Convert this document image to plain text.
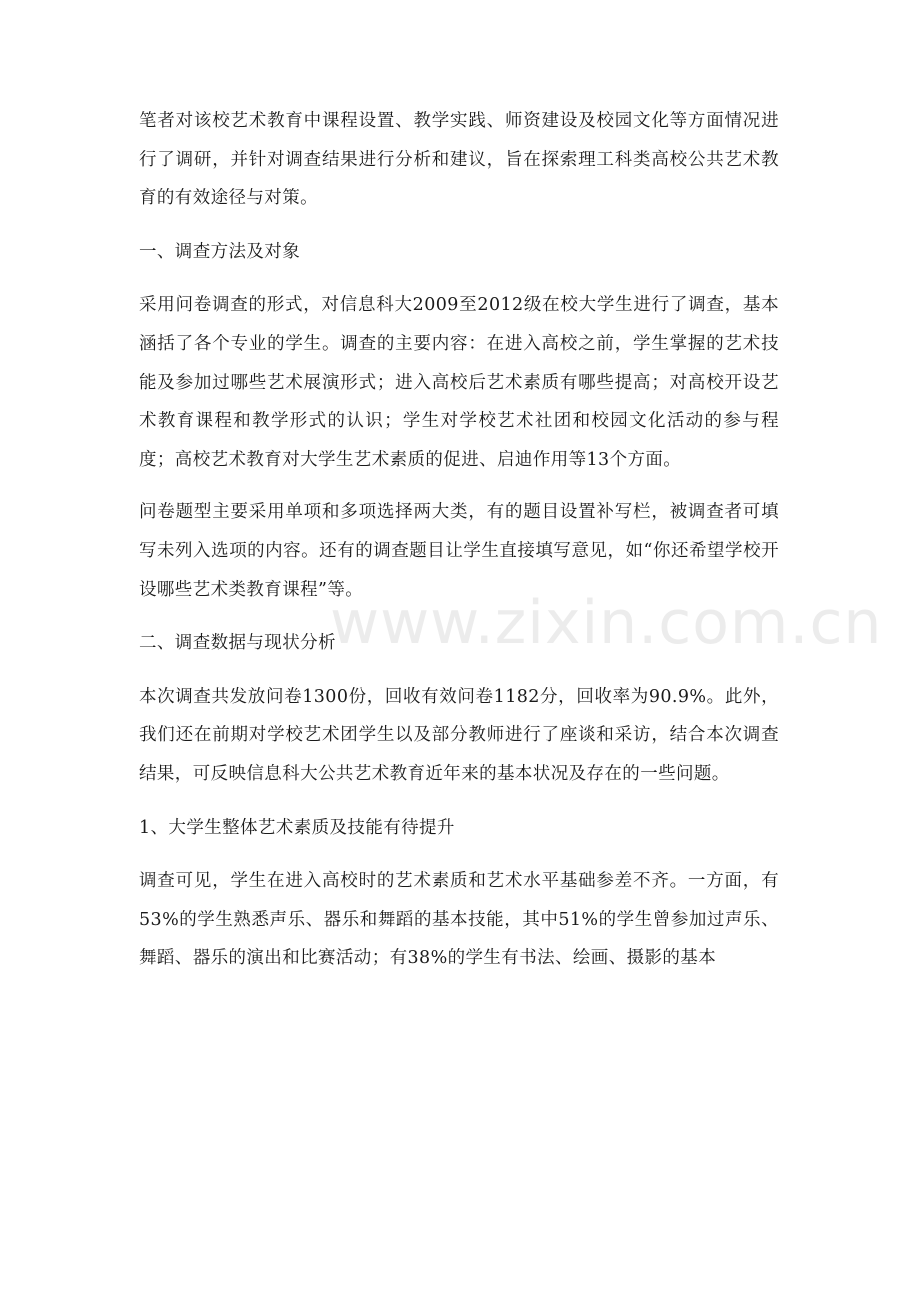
www.zixin.com.cn

笔者对该校艺术教育中课程设置、教学实践、师资建设及校园文化等方面情况进行了调研，并针对调查结果进行分析和建议，旨在探索理工科类高校公共艺术教育的有效途径与对策。

一、调查方法及对象

采用问卷调查的形式，对信息科大2009至2012级在校大学生进行了调查，基本涵括了各个专业的学生。调查的主要内容：在进入高校之前，学生掌握的艺术技能及参加过哪些艺术展演形式；进入高校后艺术素质有哪些提高；对高校开设艺术教育课程和教学形式的认识；学生对学校艺术社团和校园文化活动的参与程度；高校艺术教育对大学生艺术素质的促进、启迪作用等13个方面。

问卷题型主要采用单项和多项选择两大类，有的题目设置补写栏，被调查者可填写未列入选项的内容。还有的调查题目让学生直接填写意见，如“你还希望学校开设哪些艺术类教育课程”等。

二、调查数据与现状分析

本次调查共发放问卷1300份，回收有效问卷1182分，回收率为90.9%。此外，我们还在前期对学校艺术团学生以及部分教师进行了座谈和采访，结合本次调查结果，可反映信息科大公共艺术教育近年来的基本状况及存在的一些问题。

1、大学生整体艺术素质及技能有待提升

调查可见，学生在进入高校时的艺术素质和艺术水平基础参差不齐。一方面，有53%的学生熟悉声乐、器乐和舞蹈的基本技能，其中51%的学生曾参加过声乐、舞蹈、器乐的演出和比赛活动；有38%的学生有书法、绘画、摄影的基本
